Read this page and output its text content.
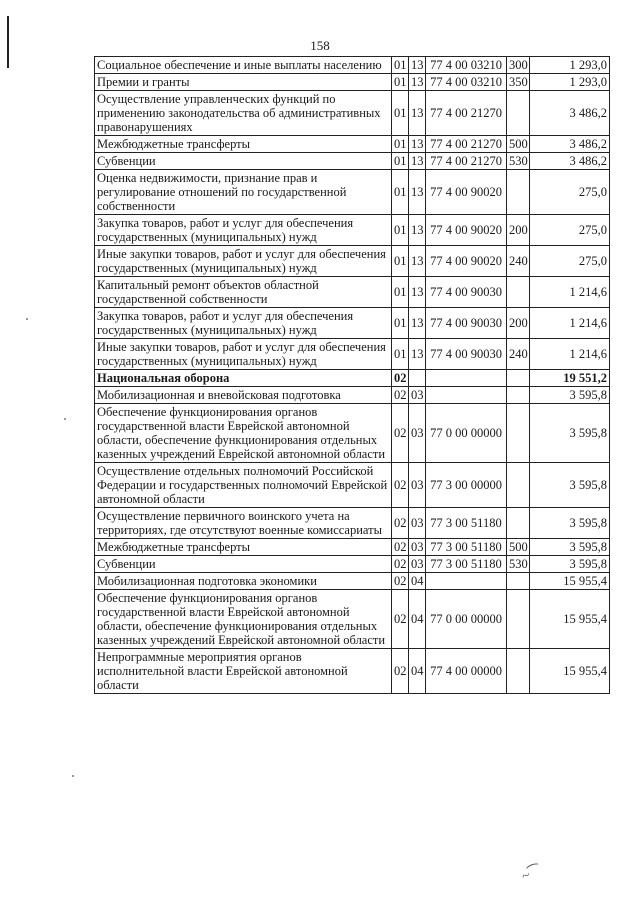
158
Социальное обеспечение и иные выплаты населению	01	13	77 4 00 03210	300	1 293,0
Премии и гранты	01	13	77 4 00 03210	350	1 293,0
Осуществление управленческих функций по применению законодательства об административных правонарушениях	01	13	77 4 00 21270		3 486,2
Межбюджетные трансферты	01	13	77 4 00 21270	500	3 486,2
Субвенции	01	13	77 4 00 21270	530	3 486,2
Оценка недвижимости, признание прав и регулирование отношений по государственной собственности	01	13	77 4 00 90020		275,0
Закупка товаров, работ и услуг для обеспечения государственных (муниципальных) нужд	01	13	77 4 00 90020	200	275,0
Иные закупки товаров, работ и услуг для обеспечения государственных (муниципальных) нужд	01	13	77 4 00 90020	240	275,0
Капитальный ремонт объектов областной государственной собственности	01	13	77 4 00 90030		1 214,6
Закупка товаров, работ и услуг для обеспечения государственных (муниципальных) нужд	01	13	77 4 00 90030	200	1 214,6
Иные закупки товаров, работ и услуг для обеспечения государственных (муниципальных) нужд	01	13	77 4 00 90030	240	1 214,6
Национальная оборона	02				19 551,2
Мобилизационная и вневойсковая подготовка	02	03			3 595,8
Обеспечение функционирования органов государственной власти Еврейской автономной области, обеспечение функционирования отдельных казенных учреждений Еврейской автономной области	02	03	77 0 00 00000		3 595,8
Осуществление отдельных полномочий Российской Федерации и государственных полномочий Еврейской автономной области	02	03	77 3 00 00000		3 595,8
Осуществление первичного воинского учета на территориях, где отсутствуют военные комиссариаты	02	03	77 3 00 51180		3 595,8
Межбюджетные трансферты	02	03	77 3 00 51180	500	3 595,8
Субвенции	02	03	77 3 00 51180	530	3 595,8
Мобилизационная подготовка экономики	02	04			15 955,4
Обеспечение функционирования органов государственной власти Еврейской автономной области, обеспечение функционирования отдельных казенных учреждений Еврейской автономной области	02	04	77 0 00 00000		15 955,4
Непрограммные мероприятия органов исполнительной власти Еврейской автономной области	02	04	77 4 00 00000		15 955,4
~⁀
